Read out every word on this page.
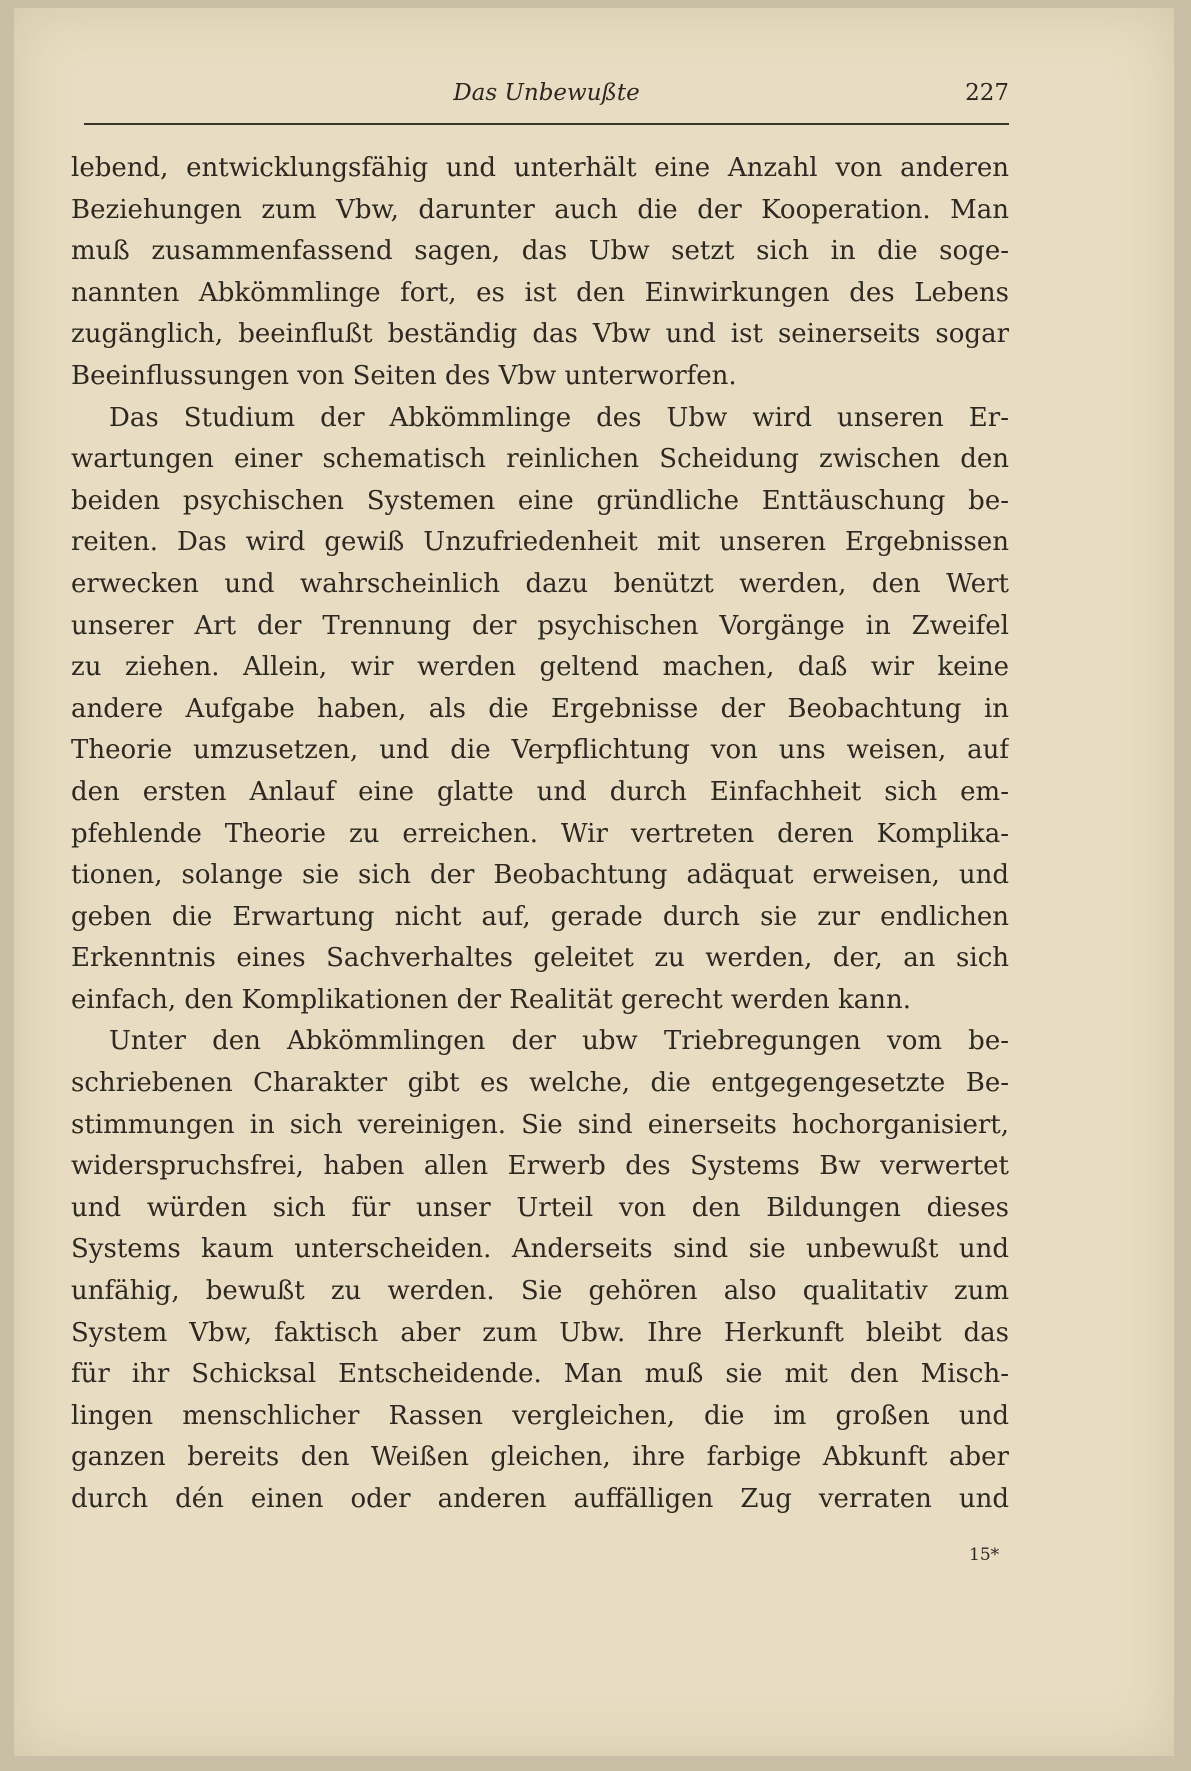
Das Unbewußte	227
lebend, entwicklungsfähig und unterhält eine Anzahl von anderen
Beziehungen zum Vbw, darunter auch die der Kooperation. Man
muß zusammenfassend sagen, das Ubw setzt sich in die soge-
nannten Abkömmlinge fort, es ist den Einwirkungen des Lebens
zugänglich, beeinflußt beständig das Vbw und ist seinerseits sogar
Beeinflussungen von Seiten des Vbw unterworfen.
Das Studium der Abkömmlinge des Ubw wird unseren Er-
wartungen einer schematisch reinlichen Scheidung zwischen den
beiden psychischen Systemen eine gründliche Enttäuschung be-
reiten. Das wird gewiß Unzufriedenheit mit unseren Ergebnissen
erwecken und wahrscheinlich dazu benützt werden, den Wert
unserer Art der Trennung der psychischen Vorgänge in Zweifel
zu ziehen. Allein, wir werden geltend machen, daß wir keine
andere Aufgabe haben, als die Ergebnisse der Beobachtung in
Theorie umzusetzen, und die Verpflichtung von uns weisen, auf
den ersten Anlauf eine glatte und durch Einfachheit sich em-
pfehlende Theorie zu erreichen. Wir vertreten deren Komplika-
tionen, solange sie sich der Beobachtung adäquat erweisen, und
geben die Erwartung nicht auf, gerade durch sie zur endlichen
Erkenntnis eines Sachverhaltes geleitet zu werden, der, an sich
einfach, den Komplikationen der Realität gerecht werden kann.
Unter den Abkömmlingen der ubw Triebregungen vom be-
schriebenen Charakter gibt es welche, die entgegengesetzte Be-
stimmungen in sich vereinigen. Sie sind einerseits hochorganisiert,
widerspruchsfrei, haben allen Erwerb des Systems Bw verwertet
und würden sich für unser Urteil von den Bildungen dieses
Systems kaum unterscheiden. Anderseits sind sie unbewußt und
unfähig, bewußt zu werden. Sie gehören also qualitativ zum
System Vbw, faktisch aber zum Ubw. Ihre Herkunft bleibt das
für ihr Schicksal Entscheidende. Man muß sie mit den Misch-
lingen menschlicher Rassen vergleichen, die im großen und
ganzen bereits den Weißen gleichen, ihre farbige Abkunft aber
durch dén einen oder anderen auffälligen Zug verraten und
15*
